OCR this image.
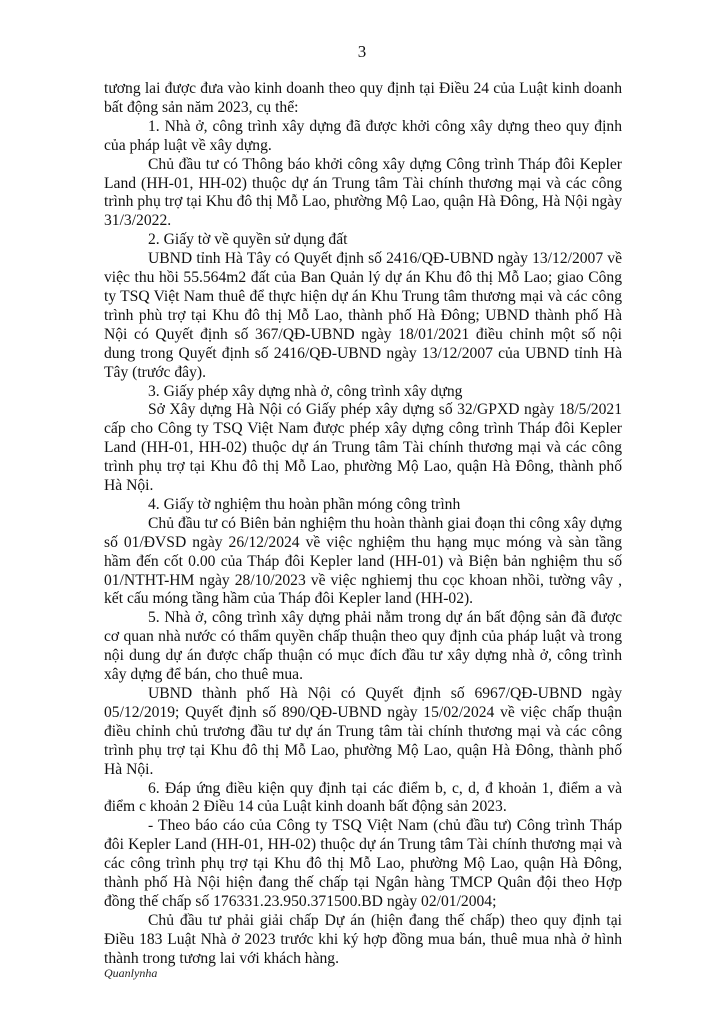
3

tương lai được đưa vào kinh doanh theo quy định tại Điều 24 của Luật kinh doanh bất động sản năm 2023, cụ thể:

1. Nhà ở, công trình xây dựng đã được khởi công xây dựng theo quy định của pháp luật về xây dựng.

Chủ đầu tư có Thông báo khởi công xây dựng Công trình Tháp đôi Kepler Land (HH-01, HH-02) thuộc dự án Trung tâm Tài chính thương mại và các công trình phụ trợ tại Khu đô thị Mỗ Lao, phường Mộ Lao, quận Hà Đông, Hà Nội ngày 31/3/2022.

2. Giấy tờ về quyền sử dụng đất

UBND tỉnh Hà Tây có Quyết định số 2416/QĐ-UBND ngày 13/12/2007 về việc thu hồi 55.564m2 đất của Ban Quản lý dự án Khu đô thị Mỗ Lao; giao Công ty TSQ Việt Nam thuê để thực hiện dự án Khu Trung tâm thương mại và các công trình phù trợ tại Khu đô thị Mỗ Lao, thành phố Hà Đông; UBND thành phố Hà Nội có Quyết định số 367/QĐ-UBND ngày 18/01/2021 điều chỉnh một số nội dung trong Quyết định số 2416/QĐ-UBND ngày 13/12/2007 của UBND tỉnh Hà Tây (trước đây).

3. Giấy phép xây dựng nhà ở, công trình xây dựng

Sở Xây dựng Hà Nội có Giấy phép xây dựng số 32/GPXD ngày 18/5/2021 cấp cho Công ty TSQ Việt Nam được phép xây dựng công trình Tháp đôi Kepler Land (HH-01, HH-02) thuộc dự án Trung tâm Tài chính thương mại và các công trình phụ trợ tại Khu đô thị Mỗ Lao, phường Mộ Lao, quận Hà Đông, thành phố Hà Nội.

4. Giấy tờ nghiệm thu hoàn phần móng công trình

Chủ đầu tư có Biên bản nghiệm thu hoàn thành giai đoạn thi công xây dựng số 01/ĐVSD ngày 26/12/2024 về việc nghiệm thu hạng mục móng và sàn tầng hầm đến cốt 0.00 của Tháp đôi Kepler land (HH-01) và Biện bản nghiệm thu số 01/NTHT-HM ngày 28/10/2023 về việc nghiemj thu cọc khoan nhồi, tường vây , kết cấu móng tầng hầm của Tháp đôi Kepler land (HH-02).

5. Nhà ở, công trình xây dựng phải nằm trong dự án bất động sản đã được cơ quan nhà nước có thẩm quyền chấp thuận theo quy định của pháp luật và trong nội dung dự án được chấp thuận có mục đích đầu tư xây dựng nhà ở, công trình xây dựng để bán, cho thuê mua.

UBND thành phố Hà Nội có Quyết định số 6967/QĐ-UBND ngày 05/12/2019; Quyết định số 890/QĐ-UBND ngày 15/02/2024 về việc chấp thuận điều chỉnh chủ trương đầu tư dự án Trung tâm tài chính thương mại và các công trình phụ trợ tại Khu đô thị Mỗ Lao, phường Mộ Lao, quận Hà Đông, thành phố Hà Nội.

6. Đáp ứng điều kiện quy định tại các điểm b, c, d, đ khoản 1, điểm a và điểm c khoản 2 Điều 14 của Luật kinh doanh bất động sản 2023.

- Theo báo cáo của Công ty TSQ Việt Nam (chủ đầu tư) Công trình Tháp đôi Kepler Land (HH-01, HH-02) thuộc dự án Trung tâm Tài chính thương mại và các công trình phụ trợ tại Khu đô thị Mỗ Lao, phường Mộ Lao, quận Hà Đông, thành phố Hà Nội hiện đang thế chấp tại Ngân hàng TMCP Quân đội theo Hợp đồng thế chấp số 176331.23.950.371500.BD ngày 02/01/2004;

Chủ đầu tư phải giải chấp Dự án (hiện đang thế chấp) theo quy định tại Điều 183 Luật Nhà ở 2023 trước khi ký hợp đồng mua bán, thuê mua nhà ở hình thành trong tương lai với khách hàng.

Quanlynha
